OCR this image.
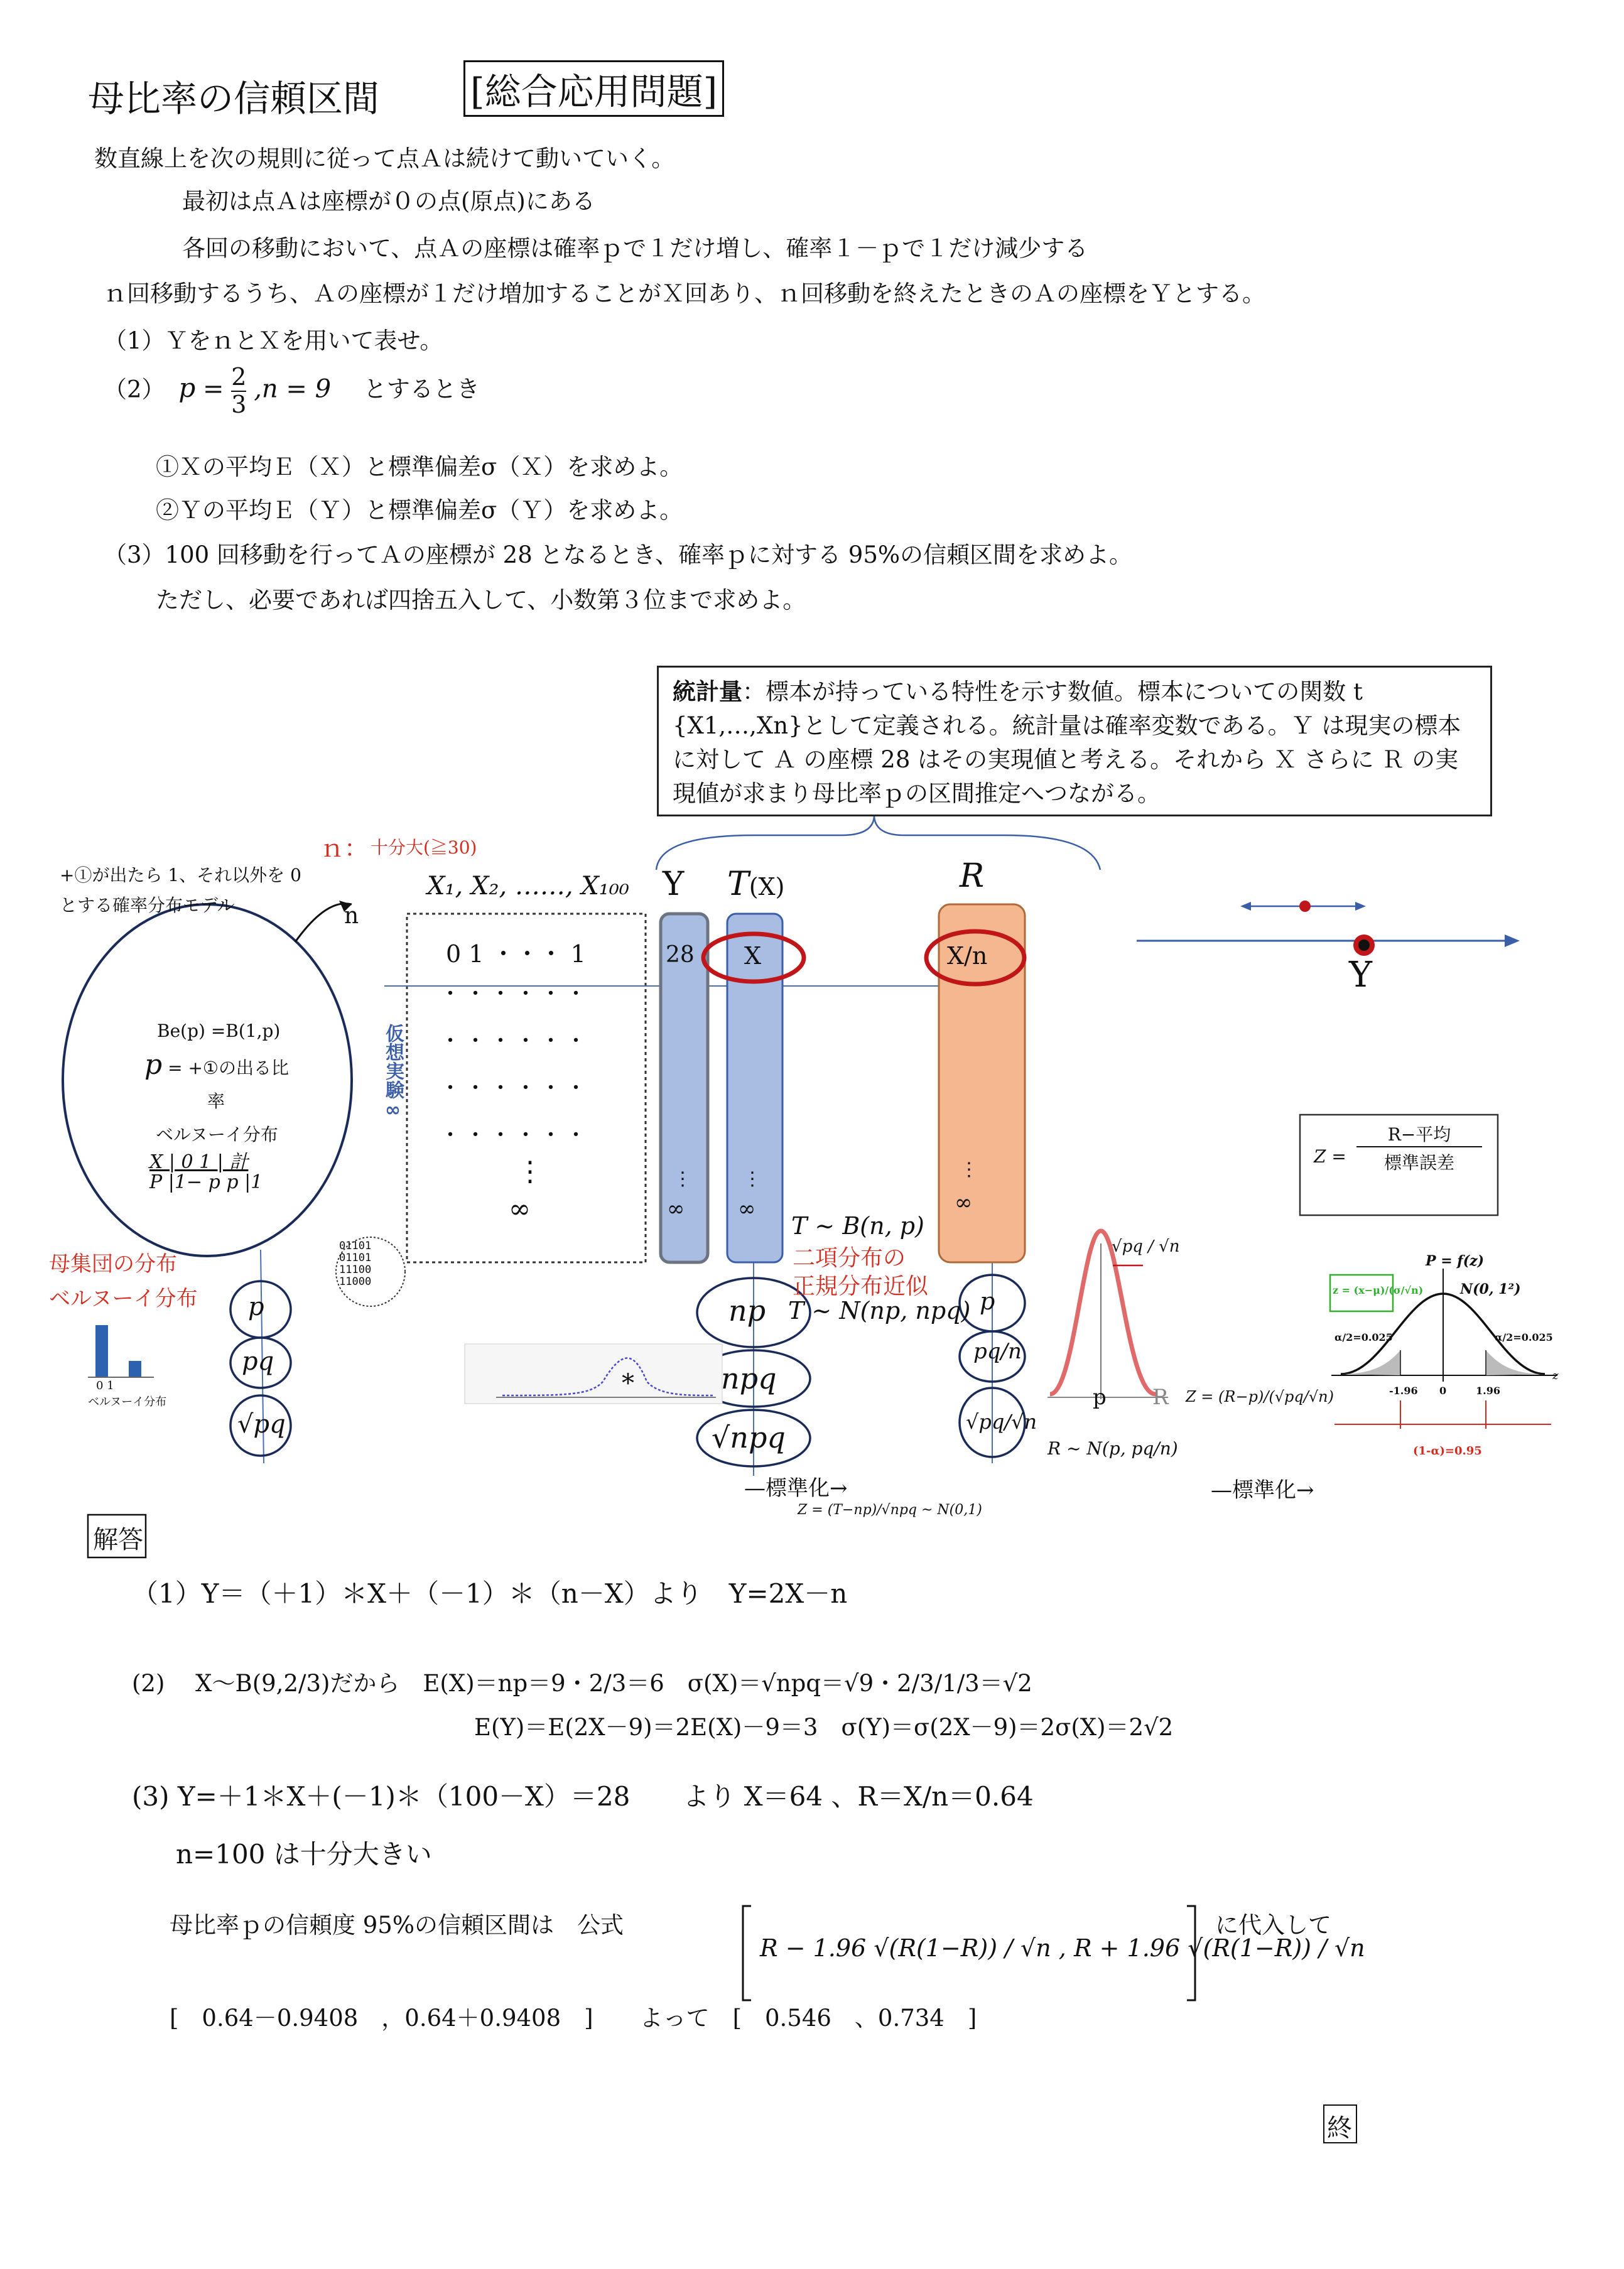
母比率の信頼区間 [総合応用問題]
数直線上を次の規則に従って点Ａは続けて動いていく。
最初は点Ａは座標が０の点(原点)にある
各回の移動において、点Ａの座標は確率ｐで１だけ増し、確率１－ｐで１だけ減少する
ｎ回移動するうち、Ａの座標が１だけ増加することがＸ回あり、ｎ回移動を終えたときのＡの座標をＹとする。
（1）ＹをｎとＸを用いて表せ。
（2） $p = \frac{2}{3} ,n = 9$ とするとき
①Ｘの平均Ｅ（Ｘ）と標準偏差σ（Ｘ）を求めよ。
②Ｙの平均Ｅ（Ｙ）と標準偏差σ（Ｙ）を求めよ。
（3）100 回移動を行ってＡの座標が 28 となるとき、確率ｐに対する 95%の信頼区間を求めよ。
ただし、必要であれば四捨五入して、小数第３位まで求めよ。
統計量：標本が持っている特性を示す数値。標本についての関数 t {X1,…,Xn}として定義される。統計量は確率変数である。Ｙ は現実の標本に対して Ａ の座標 28 はその実現値と考える。それから Ｘ さらに Ｒ の実現値が求まり母比率ｐの区間推定へつながる。
ｎ： 十分大(≧30)
+①が出たら 1、それ以外を 0
とする確率分布モデル	n
X₁, X₂, ……, X₁₀₀
0 1 ・・・ 1
・・・・・・
・・・・・・
・・・・・・
・・・・・・
⋮
∞
仮想実験∞
Be(p) =B(1,p)
p = +①の出る比
率
ベルヌーイ分布
X | 0 1 | 計
P |1− p p |1
母集団の分布
ベルヌーイ分布
0 1
ベルヌーイ分布
01101
01101
11100
11000
Y T(X)	R
28 X	X/n
⋮
∞
⋮
∞
⋮
∞
p
pq
√pq
np
npq
√npq
p
pq/n
√pq/√n
T ~ B(n, p)
二項分布の
正規分布近似
T ~ N(np, npq)
—標準化→
Z = (T−np)/√npq ~ N(0,1)
Z =
R−平均
標準誤差
√pq / √n
p R
R ~ N(p, pq/n)
Z = (R−p)/(√pq/√n)
—標準化→
P = f(z)
N(0, 1²)
α/2=0.025	α/2=0.025
-1.96 0	1.96
z
(1-α)=0.95
z = (x−μ)/(σ/√n)
Y
*
解答
（1）Y＝（＋1）＊X＋（－1）＊（n－X）より　Y=2X－n
(2)　 X～B(9,2/3)だから　E(X)＝np＝9・2/3＝6　σ(X)＝√npq＝√9・2/3/1/3＝√2
E(Y)＝E(2X－9)＝2E(X)－9＝3　σ(Y)＝σ(2X－9)＝2σ(X)＝2√2
(3) Y=＋1＊X＋(－1)＊（100－X）＝28　　より X＝64 、R＝X/n＝0.64
n=100 は十分大きい
母比率ｐの信頼度 95%の信頼区間は　公式
R − 1.96 √(R(1−R)) / √n , R + 1.96 √(R(1−R)) / √n
に代入して
[　0.64－0.9408　，0.64＋0.9408　]　　よって　[　0.546　、0.734　]
終
